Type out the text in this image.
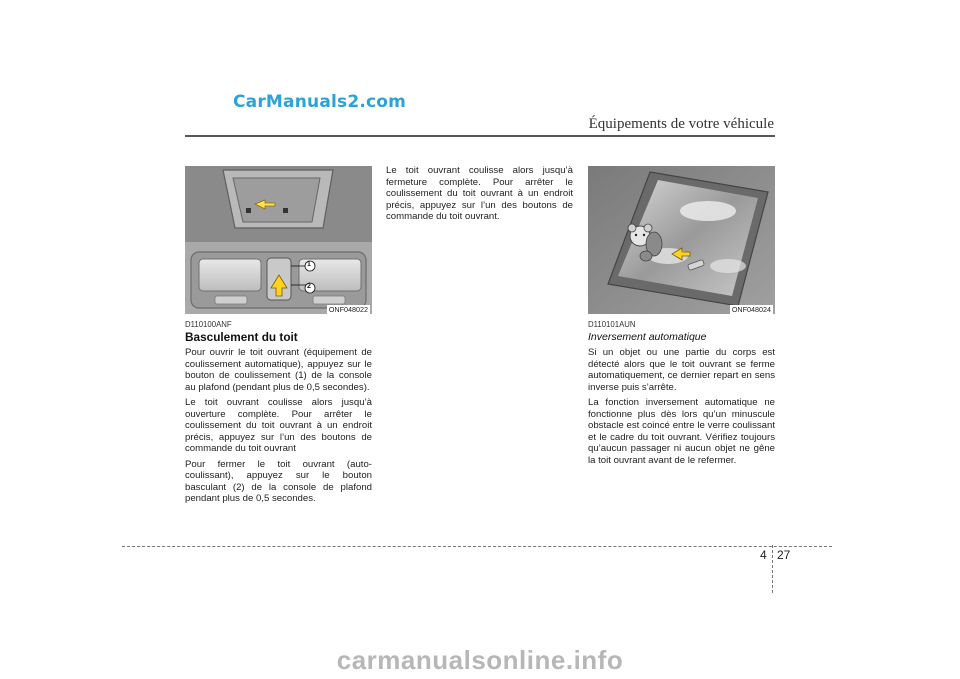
CarManuals2.com
Équipements de votre véhicule
1
2
ONF048022
D110100ANF
Basculement du toit

Pour ouvrir le toit ouvrant (équipement de coulissement automatique), appuyez sur le bouton de coulissement (1) de la console au plafond (pendant plus de 0,5 secondes).

Le toit ouvrant coulisse alors jusqu’à ouverture complète. Pour arrêter le coulissement du toit ouvrant à un endroit précis, appuyez sur l’un des boutons de commande du toit ouvrant

Pour fermer le toit ouvrant (auto-coulissant), appuyez sur le bouton basculant (2) de la console de plafond pendant plus de 0,5 secondes.

Le toit ouvrant coulisse alors jusqu’à fermeture complète. Pour arrêter le coulissement du toit ouvrant à un endroit précis, appuyez sur l’un des boutons de commande du toit ouvrant.

ONF048024
D110101AUN
Inversement automatique

Si un objet ou une partie du corps est détecté alors que le toit ouvrant se ferme automatiquement, ce dernier repart en sens inverse puis s’arrête.

La fonction inversement automatique ne fonctionne plus dès lors qu’un minuscule obstacle est coincé entre le verre coulissant et le cadre du toit ouvrant. Vérifiez toujours qu’aucun passager ni aucun objet ne gêne la toit ouvrant avant de le refermer.

4 27
carmanualsonline.info
